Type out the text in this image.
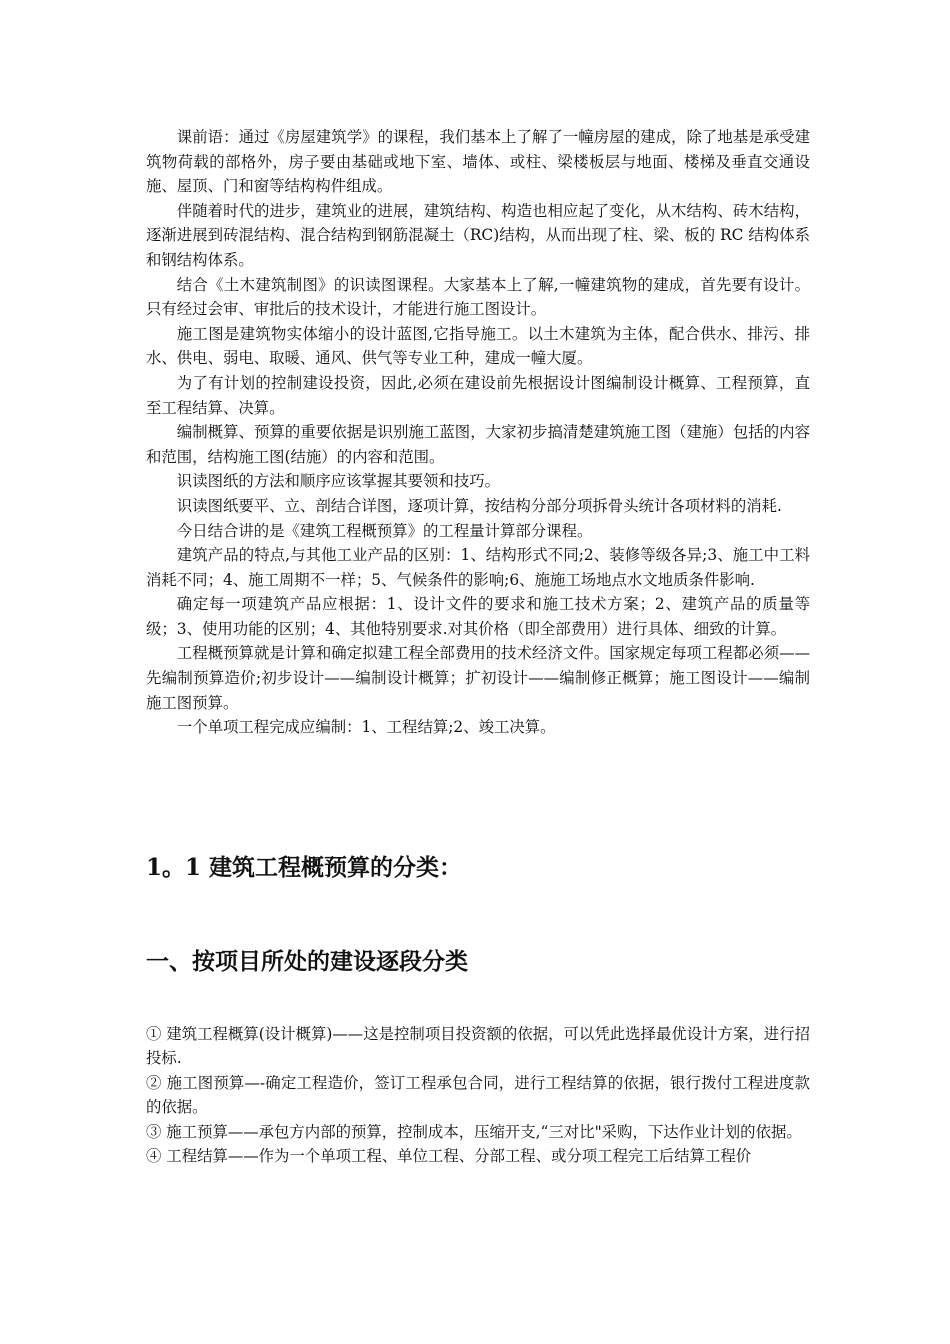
课前语：通过《房屋建筑学》的课程，我们基本上了解了一幢房屋的建成，除了地基是承受建筑物荷载的部格外，房子要由基础或地下室、墙体、或柱、梁楼板层与地面、楼梯及垂直交通设施、屋顶、门和窗等结构构件组成。

伴随着时代的进步，建筑业的进展，建筑结构、构造也相应起了变化，从木结构、砖木结构，逐渐进展到砖混结构、混合结构到钢筋混凝土（RC)结构，从而出现了柱、梁、板的 RC 结构体系和钢结构体系。

结合《土木建筑制图》的识读图课程。大家基本上了解,一幢建筑物的建成，首先要有设计。只有经过会审、审批后的技术设计，才能进行施工图设计。

施工图是建筑物实体缩小的设计蓝图,它指导施工。以土木建筑为主体，配合供水、排污、排水、供电、弱电、取暖、通风、供气等专业工种，建成一幢大厦。

为了有计划的控制建设投资，因此,必须在建设前先根据设计图编制设计概算、工程预算，直至工程结算、决算。

编制概算、预算的重要依据是识别施工蓝图，大家初步搞清楚建筑施工图（建施）包括的内容和范围，结构施工图(结施）的内容和范围。

识读图纸的方法和顺序应该掌握其要领和技巧。

识读图纸要平、立、剖结合详图，逐项计算，按结构分部分项拆骨头统计各项材料的消耗.

今日结合讲的是《建筑工程概预算》的工程量计算部分课程。

建筑产品的特点,与其他工业产品的区别：1、结构形式不同;2、装修等级各异;3、施工中工料消耗不同；4、施工周期不一样；5、气候条件的影响;6、施施工场地点水文地质条件影响.

确定每一项建筑产品应根据：1、设计文件的要求和施工技术方案；2、建筑产品的质量等级；3、使用功能的区别；4、其他特别要求.对其价格（即全部费用）进行具体、细致的计算。

工程概预算就是计算和确定拟建工程全部费用的技术经济文件。国家规定每项工程都必须——先编制预算造价;初步设计——编制设计概算；扩初设计——编制修正概算；施工图设计——编制施工图预算。

一个单项工程完成应编制：1、工程结算;2、竣工决算。

1。1 建筑工程概预算的分类：
一、按项目所处的建设逐段分类

① 建筑工程概算(设计概算)——这是控制项目投资额的依据，可以凭此选择最优设计方案，进行招投标.

② 施工图预算—-确定工程造价，签订工程承包合同，进行工程结算的依据，银行拨付工程进度款的依据。

③ 施工预算——承包方内部的预算，控制成本，压缩开支,“三对比"采购，下达作业计划的依据。

④ 工程结算——作为一个单项工程、单位工程、分部工程、或分项工程完工后结算工程价
